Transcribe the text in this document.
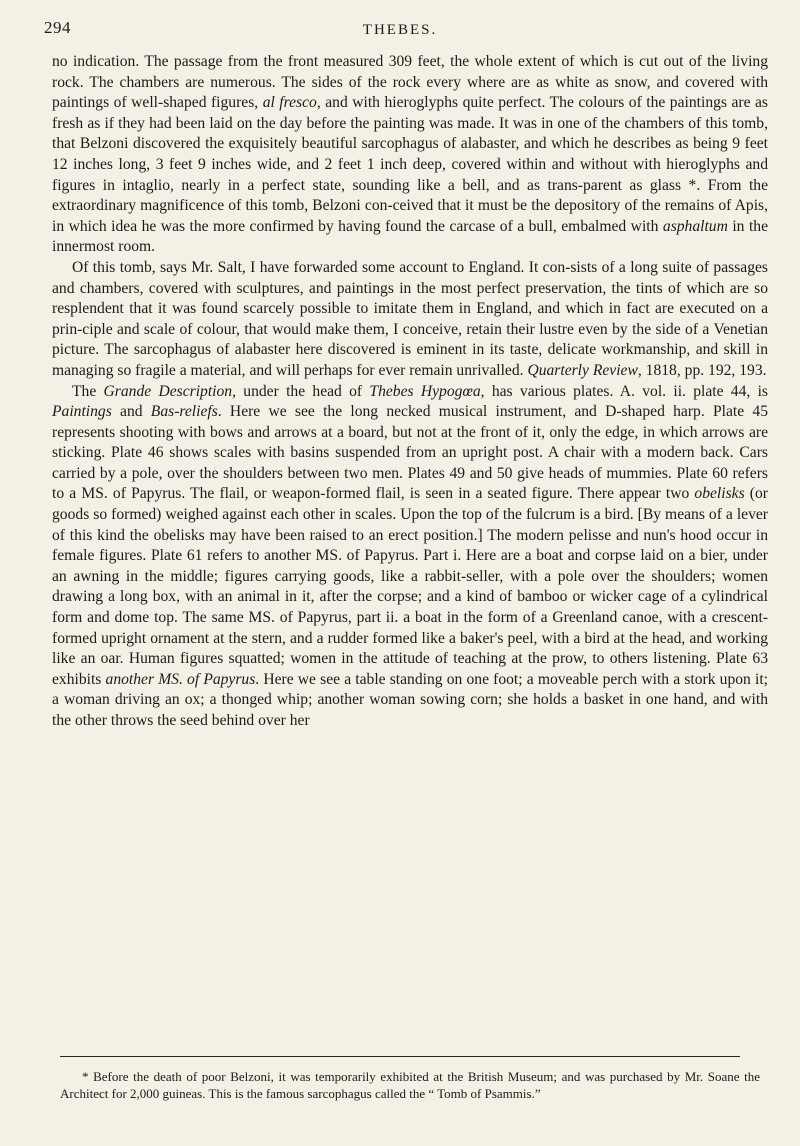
294	THEBES.

no indication. The passage from the front measured 309 feet, the whole extent of which is cut out of the living rock. The chambers are numerous. The sides of the rock every where are as white as snow, and covered with paintings of well-shaped figures, al fresco, and with hieroglyphs quite perfect. The colours of the paintings are as fresh as if they had been laid on the day before the painting was made. It was in one of the chambers of this tomb, that Belzoni discovered the exquisitely beautiful sarcophagus of alabaster, and which he describes as being 9 feet 12 inches long, 3 feet 9 inches wide, and 2 feet 1 inch deep, covered within and without with hieroglyphs and figures in intaglio, nearly in a perfect state, sounding like a bell, and as trans-parent as glass *. From the extraordinary magnificence of this tomb, Belzoni con-ceived that it must be the depository of the remains of Apis, in which idea he was the more confirmed by having found the carcase of a bull, embalmed with asphaltum in the innermost room.

Of this tomb, says Mr. Salt, I have forwarded some account to England. It con-sists of a long suite of passages and chambers, covered with sculptures, and paintings in the most perfect preservation, the tints of which are so resplendent that it was found scarcely possible to imitate them in England, and which in fact are executed on a prin-ciple and scale of colour, that would make them, I conceive, retain their lustre even by the side of a Venetian picture. The sarcophagus of alabaster here discovered is eminent in its taste, delicate workmanship, and skill in managing so fragile a material, and will perhaps for ever remain unrivalled. Quarterly Review, 1818, pp. 192, 193.

The Grande Description, under the head of Thebes Hypogœa, has various plates. A. vol. ii. plate 44, is Paintings and Bas-reliefs. Here we see the long necked musical instrument, and D-shaped harp. Plate 45 represents shooting with bows and arrows at a board, but not at the front of it, only the edge, in which arrows are sticking. Plate 46 shows scales with basins suspended from an upright post. A chair with a modern back. Cars carried by a pole, over the shoulders between two men. Plates 49 and 50 give heads of mummies. Plate 60 refers to a MS. of Papyrus. The flail, or weapon-formed flail, is seen in a seated figure. There appear two obelisks (or goods so formed) weighed against each other in scales. Upon the top of the fulcrum is a bird. [By means of a lever of this kind the obelisks may have been raised to an erect position.] The modern pelisse and nun's hood occur in female figures. Plate 61 refers to another MS. of Papyrus. Part i. Here are a boat and corpse laid on a bier, under an awning in the middle; figures carrying goods, like a rabbit-seller, with a pole over the shoulders; women drawing a long box, with an animal in it, after the corpse; and a kind of bamboo or wicker cage of a cylindrical form and dome top. The same MS. of Papyrus, part ii. a boat in the form of a Greenland canoe, with a crescent-formed upright ornament at the stern, and a rudder formed like a baker's peel, with a bird at the head, and working like an oar. Human figures squatted; women in the attitude of teaching at the prow, to others listening. Plate 63 exhibits another MS. of Papyrus. Here we see a table standing on one foot; a moveable perch with a stork upon it; a woman driving an ox; a thonged whip; another woman sowing corn; she holds a basket in one hand, and with the other throws the seed behind over her

* Before the death of poor Belzoni, it was temporarily exhibited at the British Museum; and was purchased by Mr. Soane the Architect for 2,000 guineas. This is the famous sarcophagus called the “ Tomb of Psammis.”
